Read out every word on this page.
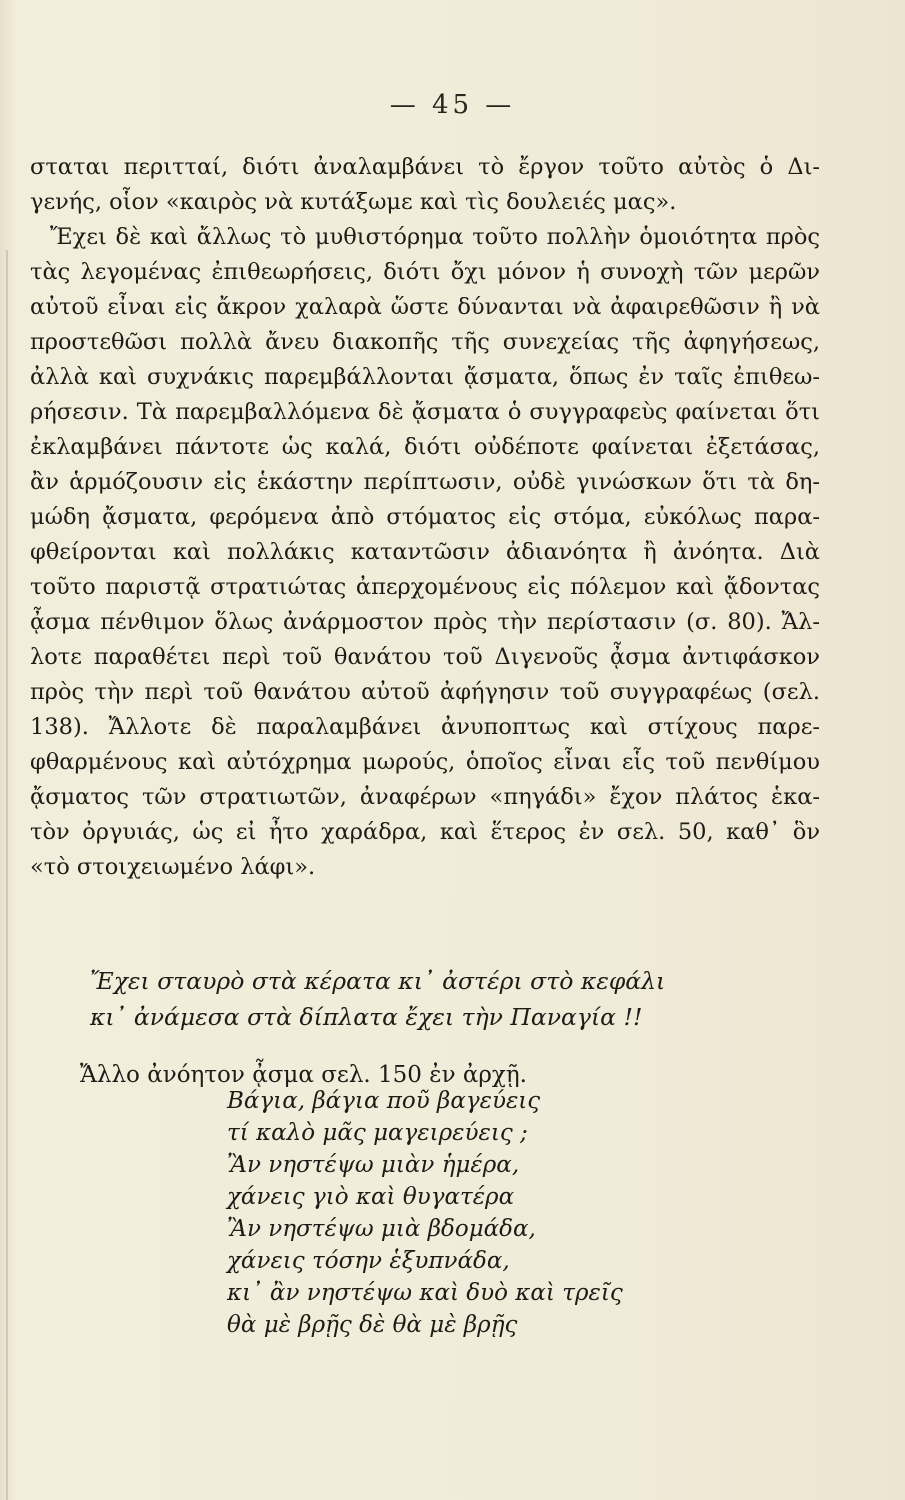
— 45 —
σταται περιτταί, διότι ἀναλαμβάνει τὸ ἔργον τοῦτο αὐτὸς ὁ Δι-
γενής, οἷον «καιρὸς νὰ κυτάξωμε καὶ τὶς δουλειές μας».
Ἔχει δὲ καὶ ἄλλως τὸ μυθιστόρημα τοῦτο πολλὴν ὁμοιότητα πρὸς
τὰς λεγομένας ἐπιθεωρήσεις, διότι ὄχι μόνον ἡ συνοχὴ τῶν μερῶν
αὐτοῦ εἶναι εἰς ἄκρον χαλαρὰ ὥστε δύνανται νὰ ἀφαιρεθῶσιν ἢ νὰ
προστεθῶσι πολλὰ ἄνευ διακοπῆς τῆς συνεχείας τῆς ἀφηγήσεως,
ἀλλὰ καὶ συχνάκις παρεμβάλλονται ᾄσματα, ὅπως ἐν ταῖς ἐπιθεω-
ρήσεσιν. Τὰ παρεμβαλλόμενα δὲ ᾄσματα ὁ συγγραφεὺς φαίνεται ὅτι
ἐκλαμβάνει πάντοτε ὡς καλά, διότι οὐδέποτε φαίνεται ἐξετάσας,
ἂν ἁρμόζουσιν εἰς ἑκάστην περίπτωσιν, οὐδὲ γινώσκων ὅτι τὰ δη-
μώδη ᾄσματα, φερόμενα ἀπὸ στόματος εἰς στόμα, εὐκόλως παρα-
φθείρονται καὶ πολλάκις καταντῶσιν ἀδιανόητα ἢ ἀνόητα. Διὰ
τοῦτο παριστᾷ στρατιώτας ἀπερχομένους εἰς πόλεμον καὶ ᾄδοντας
ᾆσμα πένθιμον ὅλως ἀνάρμοστον πρὸς τὴν περίστασιν (σ. 80). Ἄλ-
λοτε παραθέτει περὶ τοῦ θανάτου τοῦ Διγενοῦς ᾆσμα ἀντιφάσκον
πρὸς τὴν περὶ τοῦ θανάτου αὐτοῦ ἀφήγησιν τοῦ συγγραφέως (σελ.
138). Ἄλλοτε δὲ παραλαμβάνει ἀνυποπτως καὶ στίχους παρε-
φθαρμένους καὶ αὐτόχρημα μωρούς, ὁποῖος εἶναι εἷς τοῦ πενθίμου
ᾄσματος τῶν στρατιωτῶν, ἀναφέρων «πηγάδι» ἔχον πλάτος ἑκα-
τὸν ὀργυιάς, ὡς εἰ ἦτο χαράδρα, καὶ ἕτερος ἐν σελ. 50, καθ᾽ ὃν
«τὸ στοιχειωμένο λάφι».
Ἔχει σταυρὸ στὰ κέρατα κι᾽ ἀστέρι στὸ κεφάλι
κι᾽ ἀνάμεσα στὰ δίπλατα ἔχει τὴν Παναγία !!
Ἄλλο ἀνόητον ᾆσμα σελ. 150 ἐν ἀρχῇ.
Βάγια, βάγια ποῦ βαγεύεις
τί καλὸ μᾶς μαγειρεύεις ;
Ἂν νηστέψω μιὰν ἡμέρα,
χάνεις γιὸ καὶ θυγατέρα
Ἂν νηστέψω μιὰ βδομάδα,
χάνεις τόσην ἑξυπνάδα,
κι᾽ ἂν νηστέψω καὶ δυὸ καὶ τρεῖς
θὰ μὲ βρῇς δὲ θὰ μὲ βρῇς
